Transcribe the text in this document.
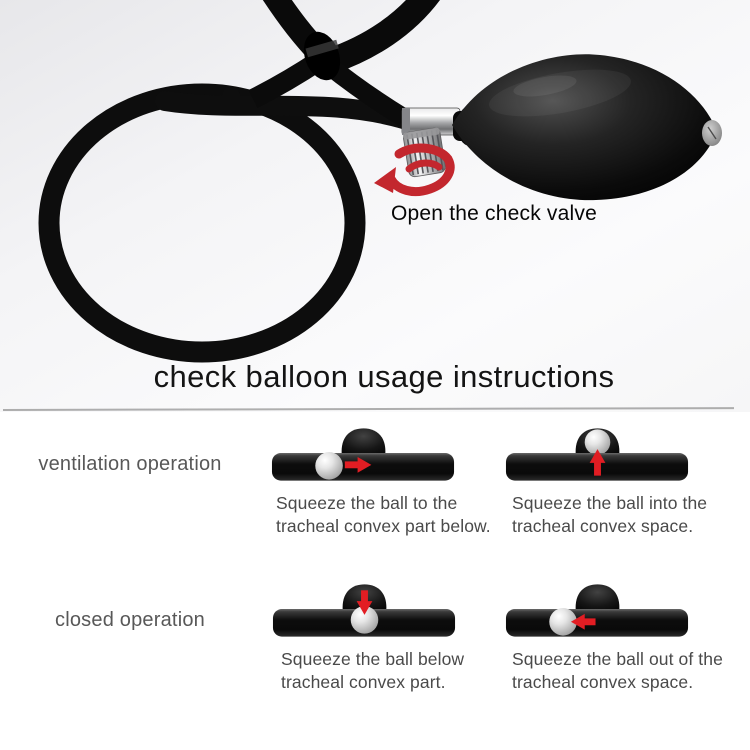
Open the check valve
check balloon usage instructions
ventilation operation
closed operation
Squeeze the ball to the
tracheal convex part below.
Squeeze the ball into the
tracheal convex space.
Squeeze the ball below
tracheal convex part.
Squeeze the ball out of the
tracheal convex space.
